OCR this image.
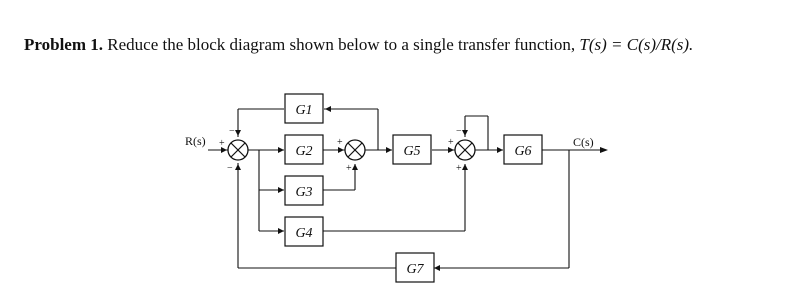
Problem 1. Reduce the block diagram shown below to a single transfer function, T(s) = C(s)/R(s).
G1
G2
G3
G4
G5	G6
G7
R(s)	C(s)
+
−
−
+
+
+
−
+
